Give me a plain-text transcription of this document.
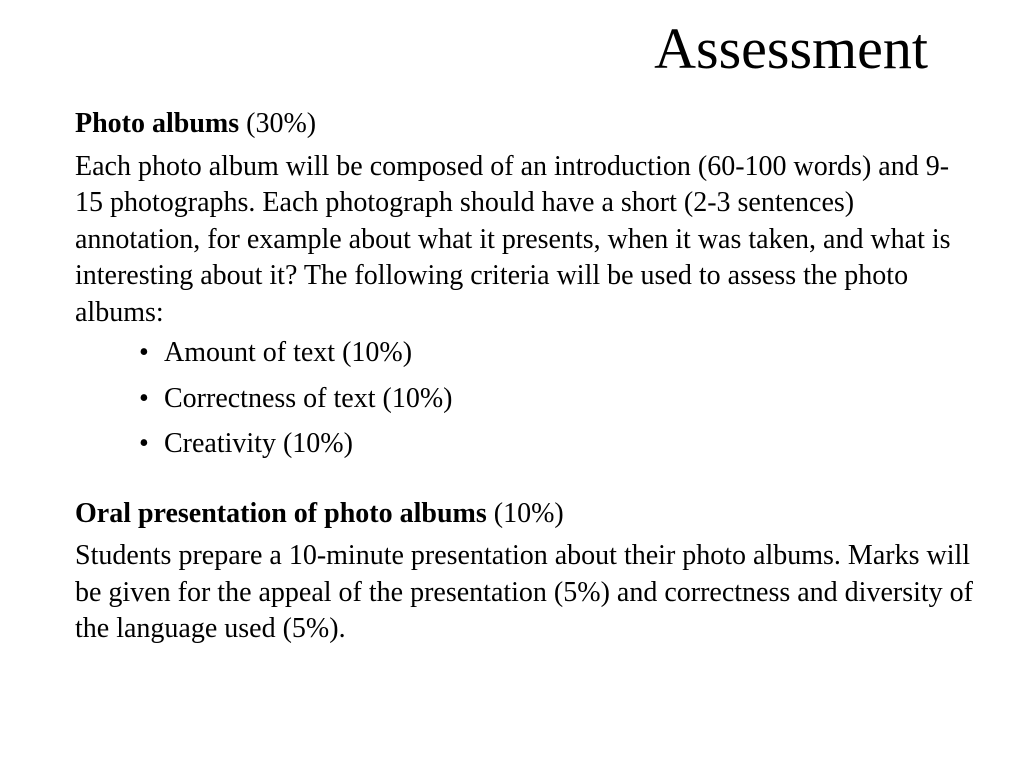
Assessment

Photo albums (30%)

Each photo album will be composed of an introduction (60-100 words) and 9-15 photographs. Each photograph should have a short (2-3 sentences) annotation, for example about what it presents, when it was taken, and what is interesting about it? The following criteria will be used to assess the photo albums:

• Amount of text (10%)
• Correctness of text (10%)
• Creativity (10%)

Oral presentation of photo albums (10%)

Students prepare a 10-minute presentation about their photo albums. Marks will be given for the appeal of the presentation (5%) and correctness and diversity of the language used (5%).
